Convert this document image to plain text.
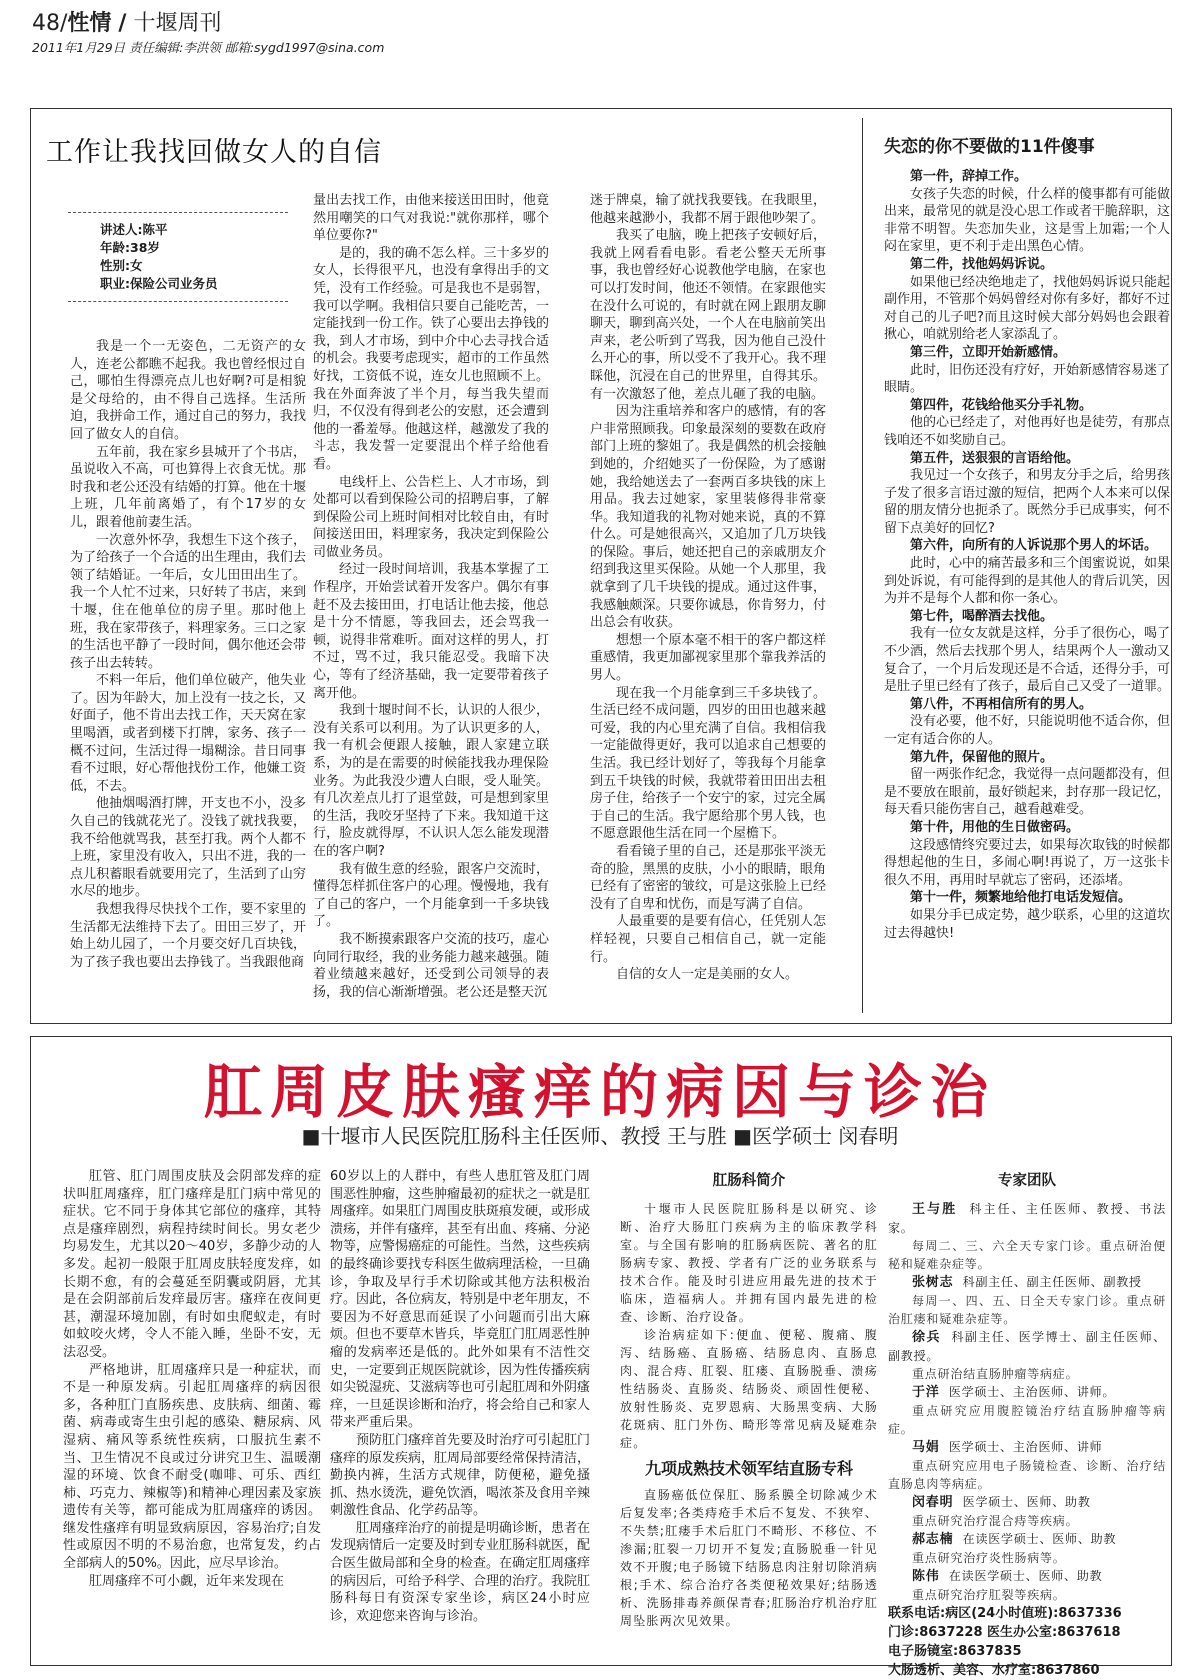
48/性情 / 十堰周刊
2011年1月29日 责任编辑:李洪领 邮箱:sygd1997@sina.com
工作让我找回做女人的自信
讲述人:陈平
年龄:38岁
性别:女
职业:保险公司业务员

我是一个一无姿色，二无资产的女人，连老公都瞧不起我。我也曾经恨过自己，哪怕生得漂亮点儿也好啊?可是相貌是父母给的，由不得自己选择。生活所迫，我拼命工作，通过自己的努力，我找回了做女人的自信。

五年前，我在家乡县城开了个书店，虽说收入不高，可也算得上衣食无忧。那时我和老公还没有结婚的打算。他在十堰上班，几年前离婚了，有个17岁的女儿，跟着他前妻生活。

一次意外怀孕，我想生下这个孩子，为了给孩子一个合适的出生理由，我们去领了结婚证。一年后，女儿田田出生了。我一个人忙不过来，只好转了书店，来到十堰，住在他单位的房子里。那时他上班，我在家带孩子，料理家务。三口之家的生活也平静了一段时间，偶尔他还会带孩子出去转转。

不料一年后，他们单位破产，他失业了。因为年龄大，加上没有一技之长，又好面子，他不肯出去找工作，天天窝在家里喝酒，或者到楼下打牌，家务、孩子一概不过问，生活过得一塌糊涂。昔日同事看不过眼，好心帮他找份工作，他嫌工资低，不去。

他抽烟喝酒打牌，开支也不小，没多久自己的钱就花光了。没钱了就找我要，我不给他就骂我，甚至打我。两个人都不上班，家里没有收入，只出不进，我的一点儿积蓄眼看就要用完了，生活到了山穷水尽的地步。

我想我得尽快找个工作，要不家里的生活都无法维持下去了。田田三岁了，开始上幼儿园了，一个月要交好几百块钱，为了孩子我也要出去挣钱了。当我跟他商

量出去找工作，由他来接送田田时，他竟然用嘲笑的口气对我说:"就你那样，哪个单位要你?"

是的，我的确不怎么样。三十多岁的女人，长得很平凡，也没有拿得出手的文凭，没有工作经验。可是我也不是弱智，我可以学啊。我相信只要自己能吃苦，一定能找到一份工作。铁了心要出去挣钱的我，到人才市场，到中介中心去寻找合适的机会。我要考虑现实，超市的工作虽然好找，工资低不说，连女儿也照顾不上。我在外面奔波了半个月，每当我失望而归，不仅没有得到老公的安慰，还会遭到他的一番羞辱。他越这样，越激发了我的斗志，我发誓一定要混出个样子给他看看。

电线杆上、公告栏上、人才市场，到处都可以看到保险公司的招聘启事，了解到保险公司上班时间相对比较自由，有时间接送田田，料理家务，我决定到保险公司做业务员。

经过一段时间培训，我基本掌握了工作程序，开始尝试着开发客户。偶尔有事赶不及去接田田，打电话让他去接，他总是十分不情愿，等我回去，还会骂我一顿，说得非常难听。面对这样的男人，打不过，骂不过，我只能忍受。我暗下决心，等有了经济基础，我一定要带着孩子离开他。

我到十堰时间不长，认识的人很少，没有关系可以利用。为了认识更多的人，我一有机会便跟人接触，跟人家建立联系，为的是在需要的时候能找我办理保险业务。为此我没少遭人白眼，受人耻笑。有几次差点儿打了退堂鼓，可是想到家里的生活，我咬牙坚持了下来。我知道干这行，脸皮就得厚，不认识人怎么能发现潜在的客户啊?

我有做生意的经验，跟客户交流时，懂得怎样抓住客户的心理。慢慢地，我有了自己的客户，一个月能拿到一千多块钱了。

我不断摸索跟客户交流的技巧，虚心向同行取经，我的业务能力越来越强。随着业绩越来越好，还受到公司领导的表扬，我的信心渐渐增强。老公还是整天沉

迷于牌桌，输了就找我要钱。在我眼里，他越来越渺小，我都不屑于跟他吵架了。

我买了电脑，晚上把孩子安顿好后，我就上网看看电影。看老公整天无所事事，我也曾经好心说教他学电脑，在家也可以打发时间，他还不领情。在家跟他实在没什么可说的，有时就在网上跟朋友聊聊天，聊到高兴处，一个人在电脑前笑出声来，老公听到了骂我，因为他自己没什么开心的事，所以受不了我开心。我不理睬他，沉浸在自己的世界里，自得其乐。有一次激怒了他，差点儿砸了我的电脑。

因为注重培养和客户的感情，有的客户非常照顾我。印象最深刻的要数在政府部门上班的黎姐了。我是偶然的机会接触到她的，介绍她买了一份保险，为了感谢她，我给她送去了一套两百多块钱的床上用品。我去过她家，家里装修得非常豪华。我知道我的礼物对她来说，真的不算什么。可是她很高兴，又追加了几万块钱的保险。事后，她还把自己的亲戚朋友介绍到我这里买保险。从她一个人那里，我就拿到了几千块钱的提成。通过这件事，我感触颇深。只要你诚恳，你肯努力，付出总会有收获。

想想一个原本毫不相干的客户都这样重感情，我更加鄙视家里那个靠我养活的男人。

现在我一个月能拿到三千多块钱了。生活已经不成问题，四岁的田田也越来越可爱，我的内心里充满了自信。我相信我一定能做得更好，我可以追求自己想要的生活。我已经计划好了，等我每个月能拿到五千块钱的时候，我就带着田田出去租房子住，给孩子一个安宁的家，过完全属于自己的生活。我宁愿给那个男人钱，也不愿意跟他生活在同一个屋檐下。

看看镜子里的自己，还是那张平淡无奇的脸，黑黑的皮肤，小小的眼睛，眼角已经有了密密的皱纹，可是这张脸上已经没有了自卑和忧伤，而是写满了自信。

人最重要的是要有信心，任凭别人怎样轻视，只要自己相信自己，就一定能行。

自信的女人一定是美丽的女人。

失恋的你不要做的11件傻事

第一件，辞掉工作。

女孩子失恋的时候，什么样的傻事都有可能做出来，最常见的就是没心思工作或者干脆辞职，这非常不明智。失恋加失业，这是雪上加霜;一个人闷在家里，更不利于走出黑色心情。

第二件，找他妈妈诉说。

如果他已经决绝地走了，找他妈妈诉说只能起副作用，不管那个妈妈曾经对你有多好，都好不过对自己的儿子吧?而且这时候大部分妈妈也会跟着揪心，咱就别给老人家添乱了。

第三件，立即开始新感情。

此时，旧伤还没有疗好，开始新感情容易迷了眼睛。

第四件，花钱给他买分手礼物。

他的心已经走了，对他再好也是徒劳，有那点钱咱还不如奖励自己。

第五件，送狠狠的言语给他。

我见过一个女孩子，和男友分手之后，给男孩子发了很多言语过激的短信，把两个人本来可以保留的朋友情分也扼杀了。既然分手已成事实，何不留下点美好的回忆?

第六件，向所有的人诉说那个男人的坏话。

此时，心中的痛苦最多和三个闺蜜说说，如果到处诉说，有可能得到的是其他人的背后讥笑，因为并不是每个人都和你一条心。

第七件，喝醉酒去找他。

我有一位女友就是这样，分手了很伤心，喝了不少酒，然后去找那个男人，结果两个人一激动又复合了，一个月后发现还是不合适，还得分手，可是肚子里已经有了孩子，最后自己又受了一道罪。

第八件，不再相信所有的男人。

没有必要，他不好，只能说明他不适合你，但一定有适合你的人。

第九件，保留他的照片。

留一两张作纪念，我觉得一点问题都没有，但是不要放在眼前，最好锁起来，封存那一段记忆，每天看只能伤害自己，越看越难受。

第十件，用他的生日做密码。

这段感情终究要过去，如果每次取钱的时候都得想起他的生日，多闹心啊!再说了，万一这张卡很久不用，再用时早就忘了密码，还添堵。

第十一件，频繁地给他打电话发短信。

如果分手已成定势，越少联系，心里的这道坎过去得越快!

肛周皮肤瘙痒的病因与诊治
■十堰市人民医院肛肠科主任医师、教授 王与胜 ■医学硕士 闵春明

肛管、肛门周围皮肤及会阴部发痒的症状叫肛周瘙痒，肛门瘙痒是肛门病中常见的症状。它不同于身体其它部位的瘙痒，其特点是瘙痒剧烈，病程持续时间长。男女老少均易发生，尤其以20～40岁，多静少动的人多发。起初一般限于肛周皮肤轻度发痒，如长期不愈，有的会蔓延至阴囊或阴唇，尤其是在会阴部前后发痒最厉害。瘙痒在夜间更甚，潮湿环境加剧，有时如虫爬蚁走，有时如蚊咬火烤，令人不能入睡，坐卧不安，无法忍受。

严格地讲，肛周瘙痒只是一种症状，而不是一种原发病。引起肛周瘙痒的病因很多，各种肛门直肠疾患、皮肤病、细菌、霉菌、病毒或寄生虫引起的感染、糖尿病、风湿病、痛风等系统性疾病，口服抗生素不当、卫生情况不良或过分讲究卫生、温暖潮湿的环境、饮食不耐受(咖啡、可乐、西红柿、巧克力、辣椒等)和精神心理因素及家族遗传有关等，都可能成为肛周瘙痒的诱因。继发性瘙痒有明显致病原因，容易治疗;自发性或原因不明的不易治愈，也常复发，约占全部病人的50%。因此，应尽早诊治。

肛周瘙痒不可小觑，近年来发现在

60岁以上的人群中，有些人患肛管及肛门周围恶性肿瘤，这些肿瘤最初的症状之一就是肛周瘙痒。如果肛门周围皮肤斑痕发硬，或形成溃疡，并伴有瘙痒，甚至有出血、疼痛、分泌物等，应警惕癌症的可能性。当然，这些疾病的最终确诊要找专科医生做病理活检，一旦确诊，争取及早行手术切除或其他方法积极治疗。因此，各位病友，特别是中老年朋友，不要因为不好意思而延误了小问题而引出大麻烦。但也不要草木皆兵，毕竟肛门肛周恶性肿瘤的发病率还是低的。此外如果有不洁性交史，一定要到正规医院就诊，因为性传播疾病如尖锐湿疣、艾滋病等也可引起肛周和外阴瘙痒，一旦延误诊断和治疗，将会给自己和家人带来严重后果。

预防肛门瘙痒首先要及时治疗可引起肛门瘙痒的原发疾病，肛周局部要经常保持清洁，勤换内裤，生活方式规律，防便秘，避免搔抓、热水烫洗，避免饮酒，喝浓茶及食用辛辣刺激性食品、化学药品等。

肛周瘙痒治疗的前提是明确诊断，患者在发现病情后一定要及时到专业肛肠科就医，配合医生做局部和全身的检查。在确定肛周瘙痒的病因后，可给予科学、合理的治疗。我院肛肠科每日有资深专家坐诊，病区24小时应诊，欢迎您来咨询与诊治。

肛肠科简介

十堰市人民医院肛肠科是以研究、诊断、治疗大肠肛门疾病为主的临床教学科室。与全国有影响的肛肠病医院、著名的肛肠病专家、教授、学者有广泛的业务联系与技术合作。能及时引进应用最先进的技术于临床，造福病人。并拥有国内最先进的检查、诊断、治疗设备。

诊治病症如下:便血、便秘、腹痛、腹泻、结肠癌、直肠癌、结肠息肉、直肠息肉、混合痔、肛裂、肛瘘、直肠脱垂、溃疡性结肠炎、直肠炎、结肠炎、顽固性便秘、放射性肠炎、克罗恩病、大肠黑变病、大肠花斑病、肛门外伤、畸形等常见病及疑难杂症。

九项成熟技术领军结直肠专科

直肠癌低位保肛、肠系膜全切除减少术后复发率;各类痔疮手术后不复发、不狭窄、不失禁;肛瘘手术后肛门不畸形、不移位、不渗漏;肛裂一刀切开不复发;直肠脱垂一针见效不开腹;电子肠镜下结肠息肉注射切除消病根;手术、综合治疗各类便秘效果好;结肠透析、洗肠排毒养颜保青春;肛肠治疗机治疗肛周坠胀两次见效果。

专家团队
王与胜 科主任、主任医师、教授、书法家。
每周二、三、六全天专家门诊。重点研治便秘和疑难杂症等。
张树志 科副主任、副主任医师、副教授
每周一、四、五、日全天专家门诊。重点研治肛瘘和疑难杂症等。
徐兵 科副主任、医学博士、副主任医师、副教授。
重点研治结直肠肿瘤等病症。
于洋 医学硕士、主治医师、讲师。
重点研究应用腹腔镜治疗结直肠肿瘤等病症。
马娟 医学硕士、主治医师、讲师
重点研究应用电子肠镜检查、诊断、治疗结直肠息肉等病症。
闵春明 医学硕士、医师、助教
重点研究治疗混合痔等疾病。
郝志楠 在读医学硕士、医师、助教
重点研究治疗炎性肠病等。
陈伟 在读医学硕士、医师、助教
重点研究治疗肛裂等疾病。
联系电话:病区(24小时值班):8637336
门诊:8637228 医生办公室:8637618
电子肠镜室:8637835
大肠透析、美容、水疗室:8637860
